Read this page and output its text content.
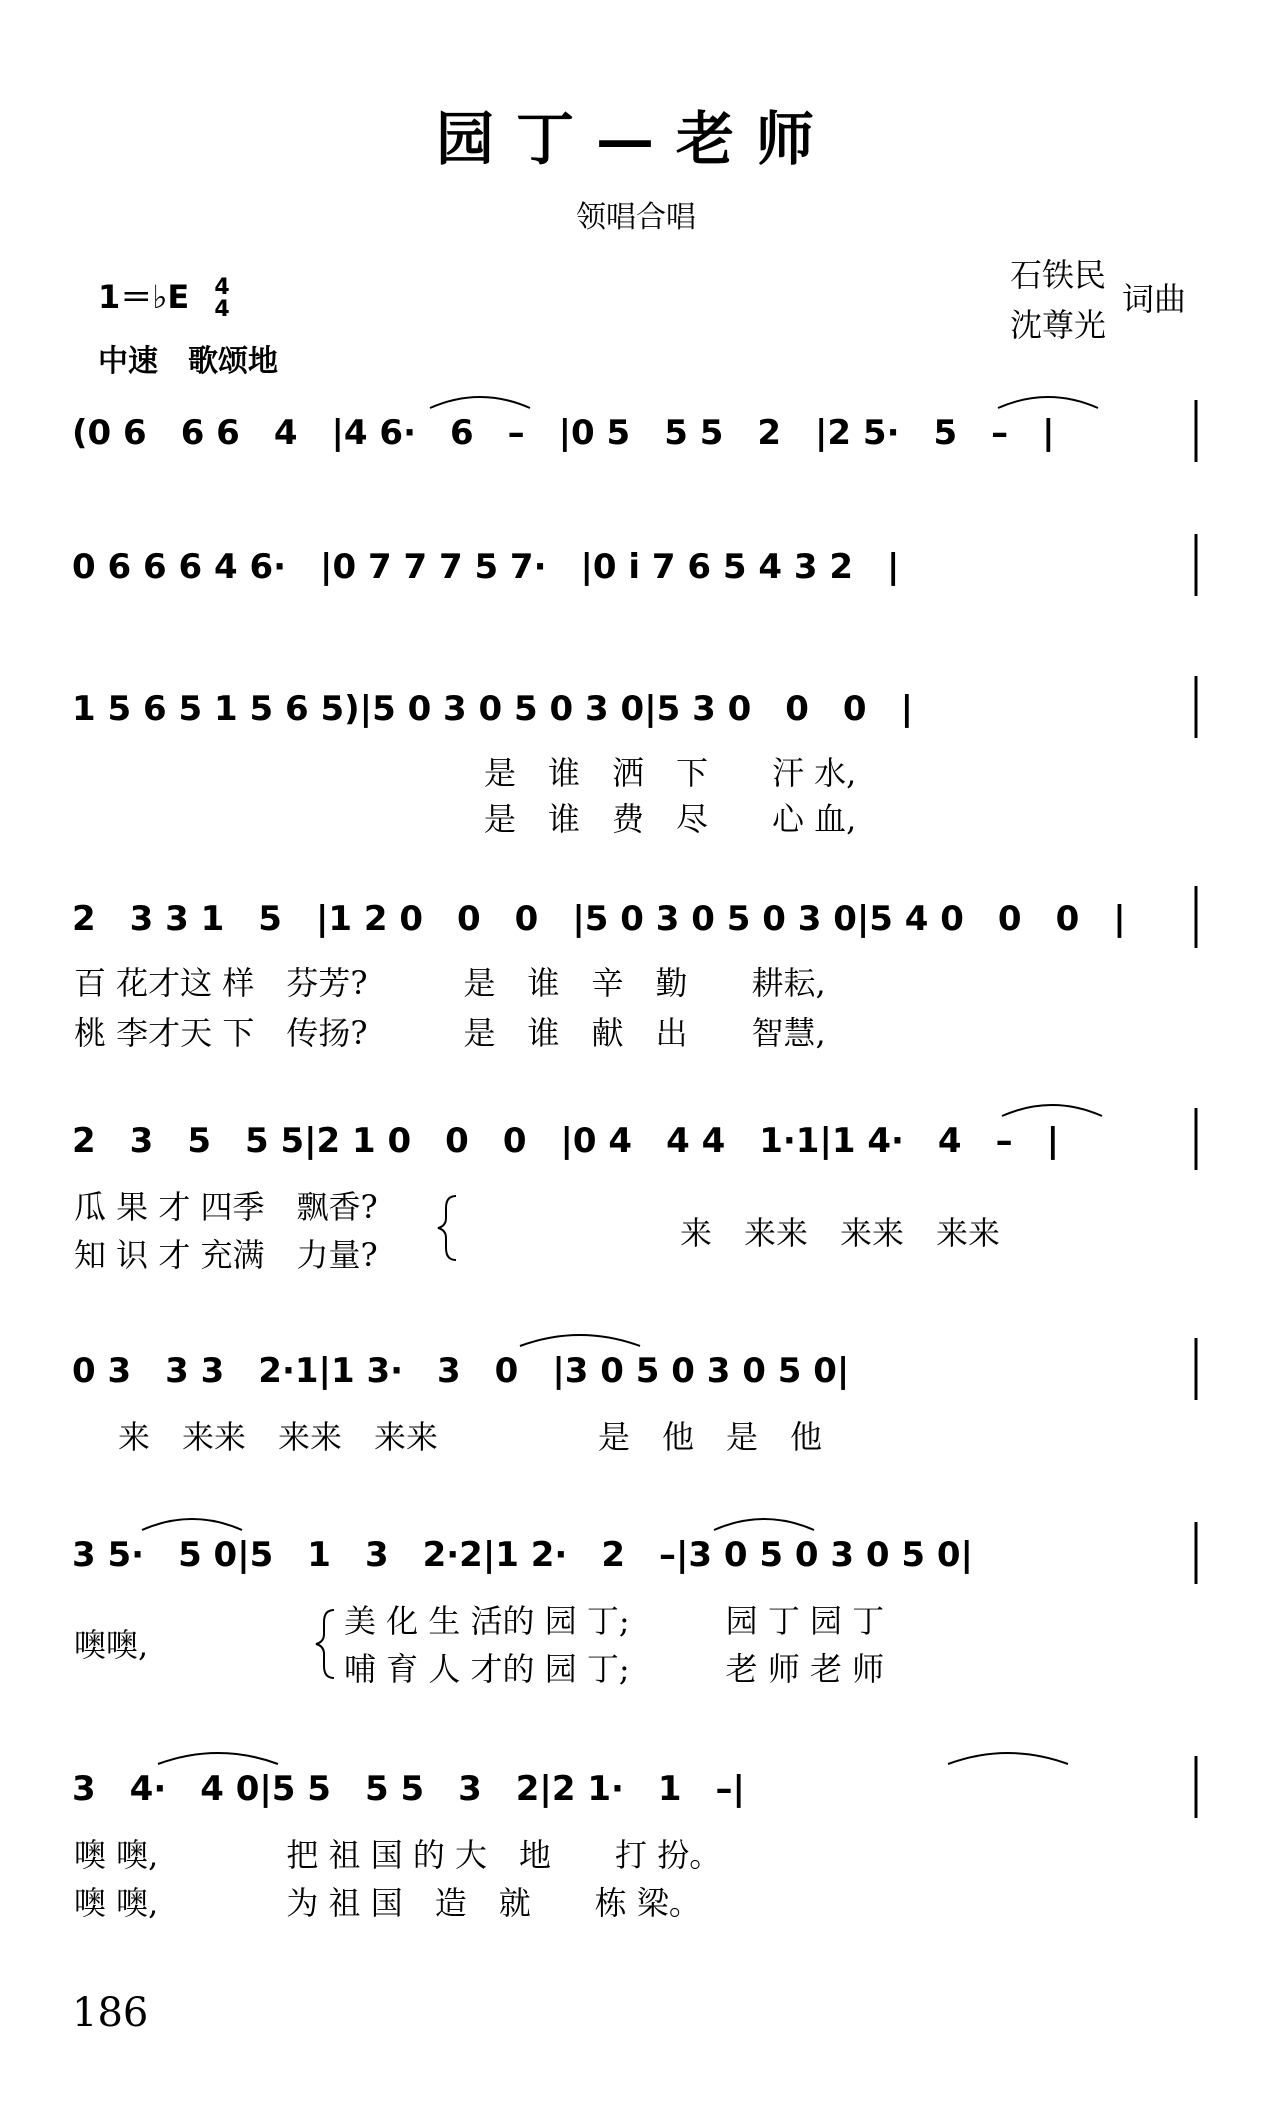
园丁—老师
领唱合唱
1＝♭E 4
4
中速　歌颂地
石铁民
沈尊光
词曲
(0 6　6 6　4　|4 6·　6　–　|0 5　5 5　2　|2 5·　5　–　|
0 6 6 6 4 6·　|0 7 7 7 5 7·　|0 i 7 6 5 4 3 2　|
1 5 6 5 1 5 6 5)|5 0 3 0 5 0 3 0|5 3 0　0　0　|
2　3 3 1　5　|1 2 0　0　0　|5 0 3 0 5 0 3 0|5 4 0　0　0　|
2　3　5　5 5|2 1 0　0　0　|0 4　4 4　1·1|1 4·　4　–　|
0 3　3 3　2·1|1 3·　3　0　|3 0 5 0 3 0 5 0|
3 5·　5 0|5　1　3　2·2|1 2·　2　–|3 0 5 0 3 0 5 0|
3　4·　4 0|5 5　5 5　3　2|2 1·　1　–|
是　谁　洒　下　　汗 水,
是　谁　费　尽　　心 血,
百 花才这 样　芬芳?　　　是　谁　辛　勤　　耕耘,
桃 李才天 下　传扬?　　　是　谁　献　出　　智慧,
瓜 果 才 四季　飘香?
知 识 才 充满　力量?
来　来来　来来　来来
来　来来　来来　来来　　　　　是　他　是　他
噢噢,
美 化 生 活的 园 丁;　　　园 丁 园 丁
哺 育 人 才的 园 丁;　　　老 师 老 师
噢 噢,　　　　把 祖 国 的 大　地　　打 扮。
噢 噢,　　　　为 祖 国　造　就　　栋 梁。
186
